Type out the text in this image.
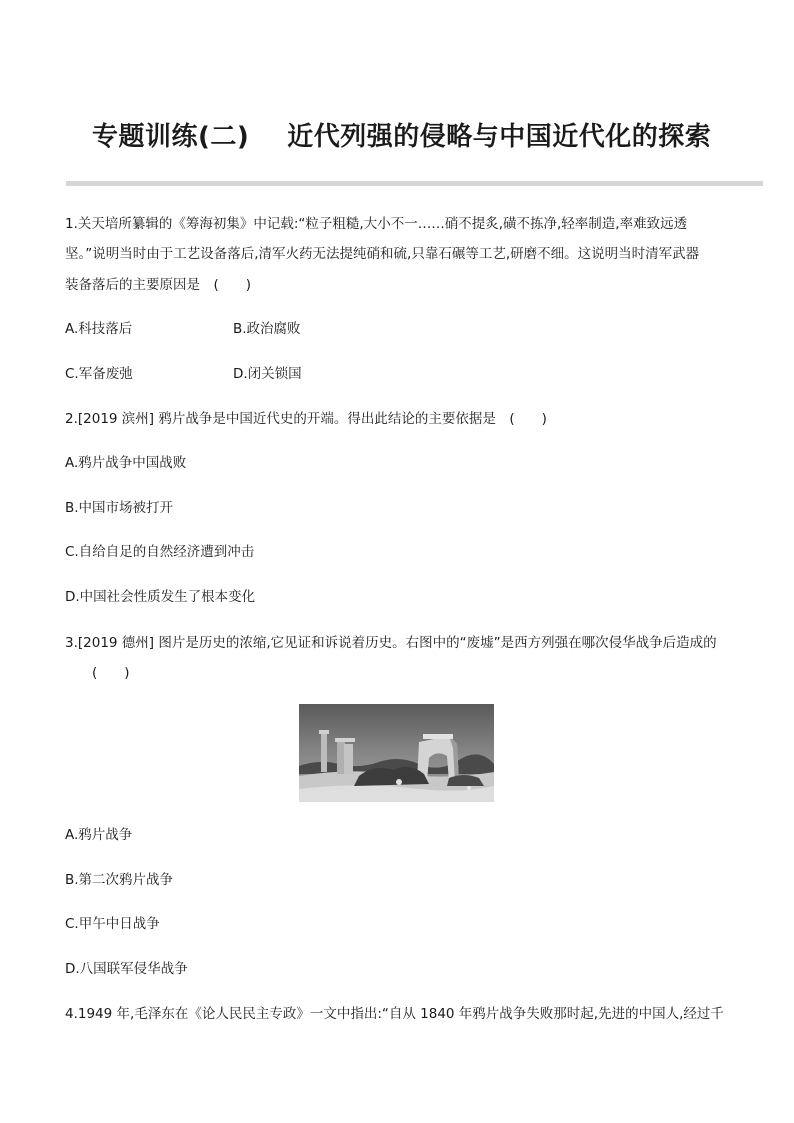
专题训练(二) 近代列强的侵略与中国近代化的探索
1.关天培所纂辑的《筹海初集》中记载:“粒子粗糙,大小不一……硝不提炙,磺不拣净,轻率制造,率难致远透
坚。”说明当时由于工艺设备落后,清军火药无法提纯硝和硫,只靠石碾等工艺,研磨不细。这说明当时清军武器
装备落后的主要原因是　(　　)
A.科技落后	B.政治腐败
C.军备废弛	D.闭关锁国
2.[2019 滨州] 鸦片战争是中国近代史的开端。得出此结论的主要依据是　(　　)
A.鸦片战争中国战败
B.中国市场被打开
C.自给自足的自然经济遭到冲击
D.中国社会性质发生了根本变化
3.[2019 德州] 图片是历史的浓缩,它见证和诉说着历史。右图中的“废墟”是西方列强在哪次侵华战争后造成的
(　　)
A.鸦片战争
B.第二次鸦片战争
C.甲午中日战争
D.八国联军侵华战争
4.1949 年,毛泽东在《论人民民主专政》一文中指出:“自从 1840 年鸦片战争失败那时起,先进的中国人,经过千
